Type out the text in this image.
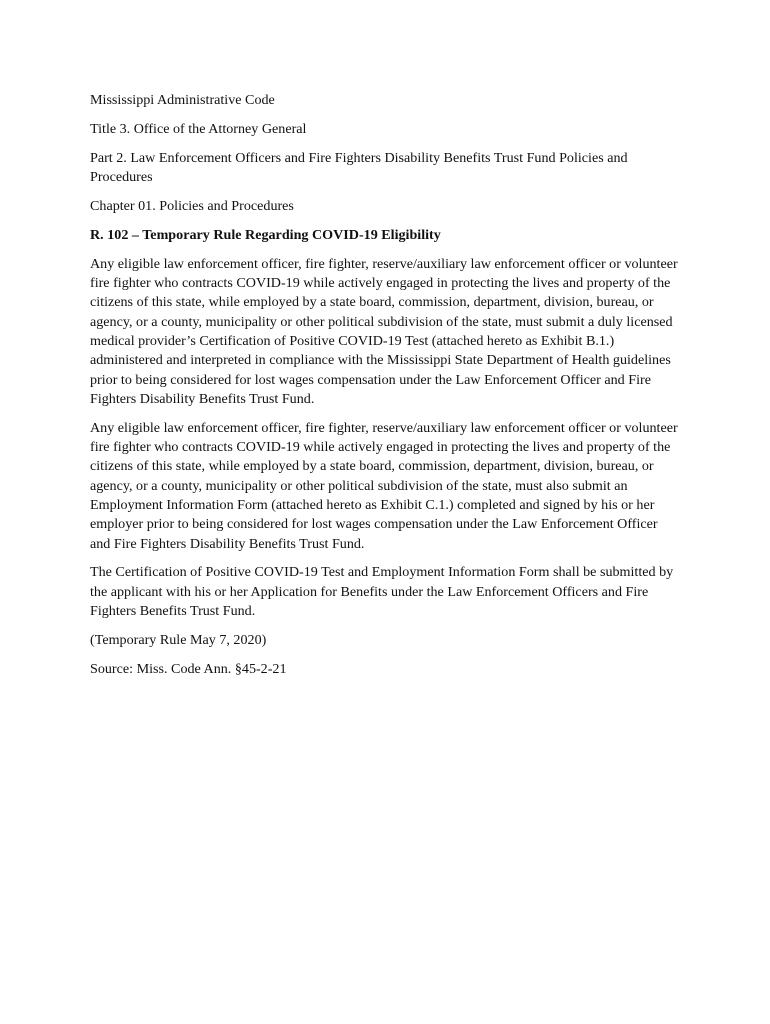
Mississippi Administrative Code

Title 3. Office of the Attorney General

Part 2. Law Enforcement Officers and Fire Fighters Disability Benefits Trust Fund Policies and Procedures

Chapter 01. Policies and Procedures

R. 102 – Temporary Rule Regarding COVID-19 Eligibility

Any eligible law enforcement officer, fire fighter, reserve/auxiliary law enforcement officer or volunteer fire fighter who contracts COVID-19 while actively engaged in protecting the lives and property of the citizens of this state, while employed by a state board, commission, department, division, bureau, or agency, or a county, municipality or other political subdivision of the state, must submit a duly licensed medical provider’s Certification of Positive COVID-19 Test (attached hereto as Exhibit B.1.) administered and interpreted in compliance with the Mississippi State Department of Health guidelines prior to being considered for lost wages compensation under the Law Enforcement Officer and Fire Fighters Disability Benefits Trust Fund.

Any eligible law enforcement officer, fire fighter, reserve/auxiliary law enforcement officer or volunteer fire fighter who contracts COVID-19 while actively engaged in protecting the lives and property of the citizens of this state, while employed by a state board, commission, department, division, bureau, or agency, or a county, municipality or other political subdivision of the state, must also submit an Employment Information Form (attached hereto as Exhibit C.1.) completed and signed by his or her employer prior to being considered for lost wages compensation under the Law Enforcement Officer and Fire Fighters Disability Benefits Trust Fund.

The Certification of Positive COVID-19 Test and Employment Information Form shall be submitted by the applicant with his or her Application for Benefits under the Law Enforcement Officers and Fire Fighters Benefits Trust Fund.

(Temporary Rule May 7, 2020)

Source: Miss. Code Ann. §45-2-21
